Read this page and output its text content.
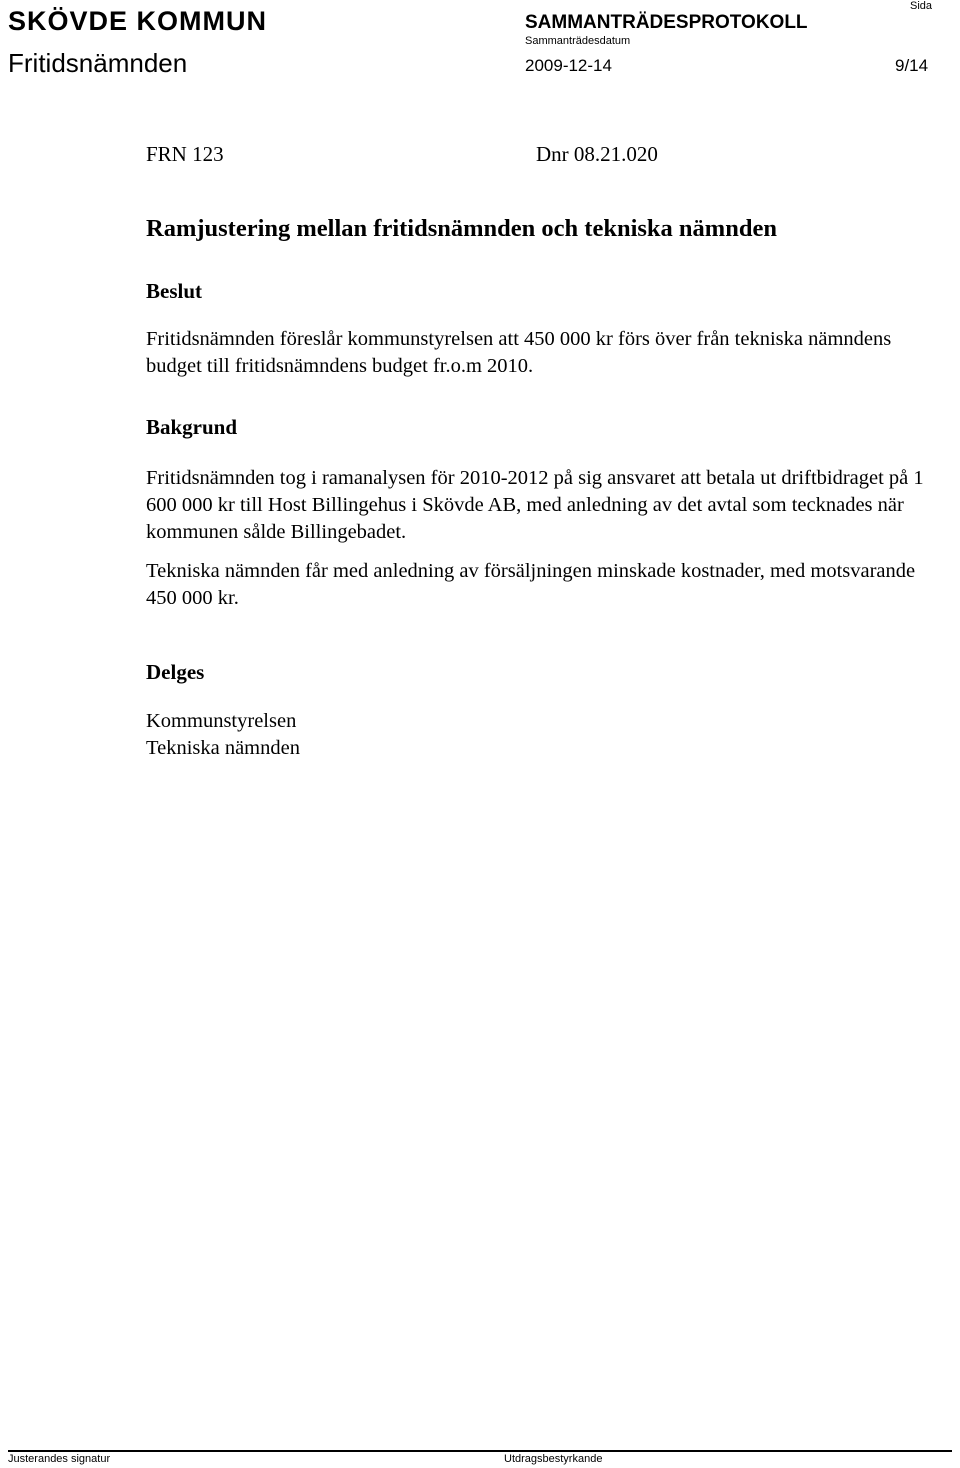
SKÖVDE KOMMUN
Fritidsnämnden
SAMMANTRÄDESPROTOKOLL
Sammanträdesdatum
2009-12-14
Sida
9/14
FRN 123	Dnr 08.21.020
Ramjustering mellan fritidsnämnden och tekniska nämnden
Beslut

Fritidsnämnden föreslår kommunstyrelsen att 450 000 kr förs över från tekniska nämndens budget till fritidsnämndens budget fr.o.m 2010.

Bakgrund

Fritidsnämnden tog i ramanalysen för 2010-2012 på sig ansvaret att betala ut driftbidraget på 1 600 000 kr till Host Billingehus i Skövde AB, med anledning av det avtal som tecknades när kommunen sålde Billingebadet.

Tekniska nämnden får med anledning av försäljningen minskade kostnader, med motsvarande 450 000 kr.

Delges
Kommunstyrelsen
Tekniska nämnden
Justerandes signatur	Utdragsbestyrkande
